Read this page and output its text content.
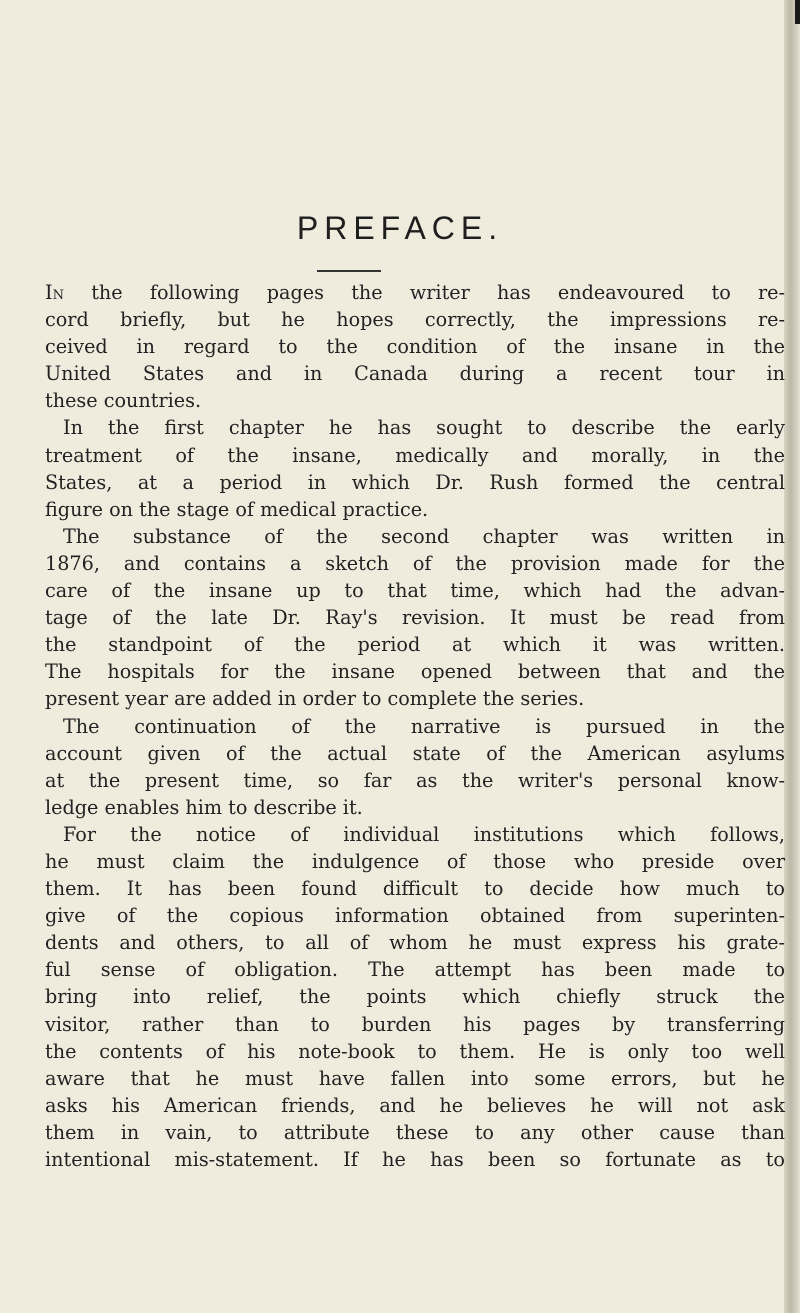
PREFACE.
In the following pages the writer has endeavoured to re-
cord briefly, but he hopes correctly, the impressions re-
ceived in regard to the condition of the insane in the
United States and in Canada during a recent tour in
these countries.
In the first chapter he has sought to describe the early
treatment of the insane, medically and morally, in the
States, at a period in which Dr. Rush formed the central
figure on the stage of medical practice.
The substance of the second chapter was written in
1876, and contains a sketch of the provision made for the
care of the insane up to that time, which had the advan-
tage of the late Dr. Ray's revision. It must be read from
the standpoint of the period at which it was written.
The hospitals for the insane opened between that and the
present year are added in order to complete the series.
The continuation of the narrative is pursued in the
account given of the actual state of the American asylums
at the present time, so far as the writer's personal know-
ledge enables him to describe it.
For the notice of individual institutions which follows,
he must claim the indulgence of those who preside over
them. It has been found difficult to decide how much to
give of the copious information obtained from superinten-
dents and others, to all of whom he must express his grate-
ful sense of obligation. The attempt has been made to
bring into relief, the points which chiefly struck the
visitor, rather than to burden his pages by transferring
the contents of his note-book to them. He is only too well
aware that he must have fallen into some errors, but he
asks his American friends, and he believes he will not ask
them in vain, to attribute these to any other cause than
intentional mis-statement. If he has been so fortunate as to
